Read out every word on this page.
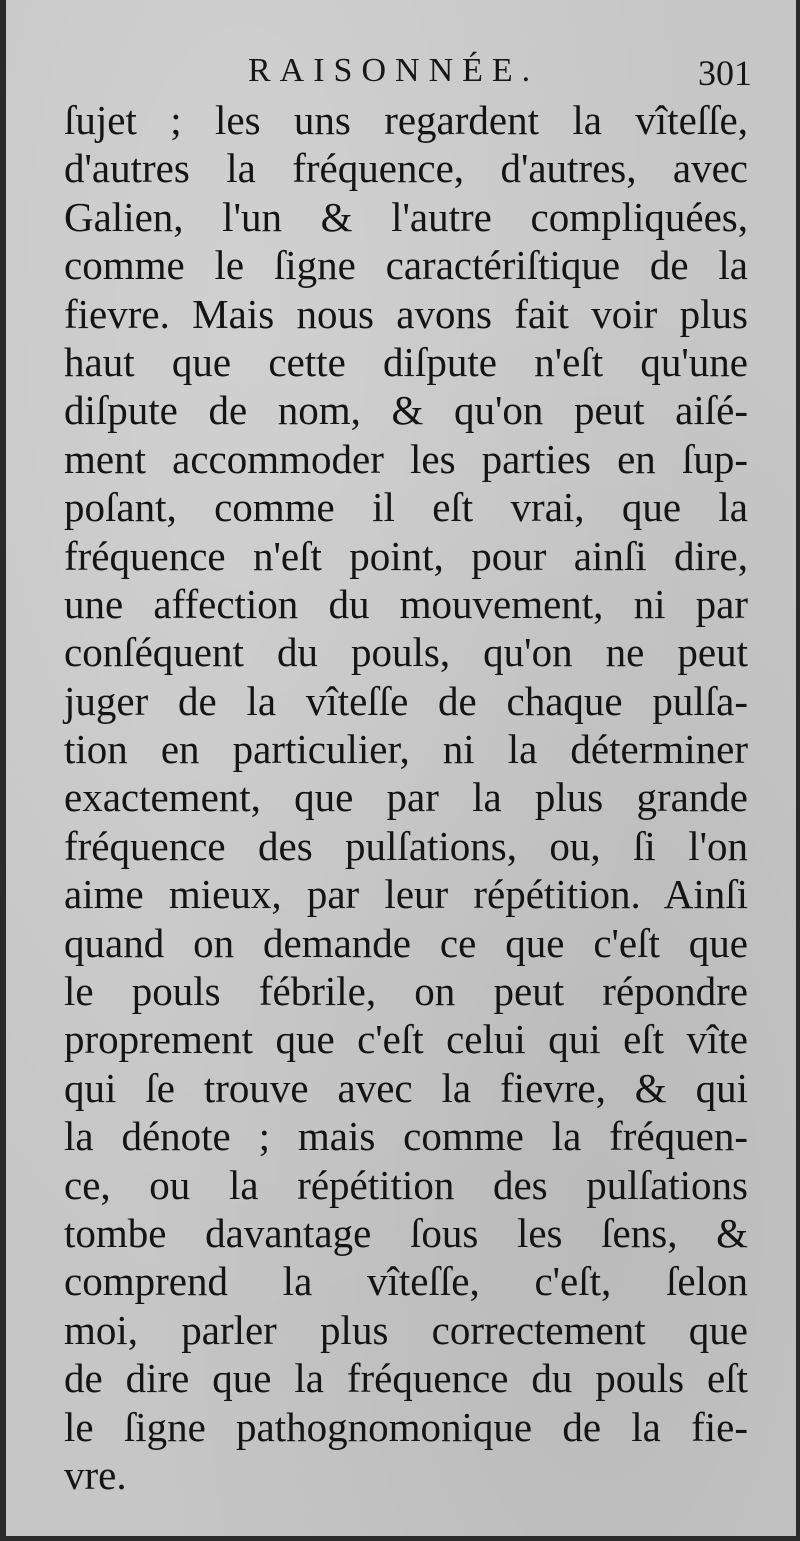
RAISONNÉE.	301
ſujet ; les uns regardent la vîteſſe,
d'autres la fréquence, d'autres, avec
Galien, l'un & l'autre compliquées,
comme le ſigne caractériſtique de la
fievre. Mais nous avons fait voir plus
haut que cette diſpute n'eſt qu'une
diſpute de nom, & qu'on peut aiſé-
ment accommoder les parties en ſup-
poſant, comme il eſt vrai, que la
fréquence n'eſt point, pour ainſi dire,
une affection du mouvement, ni par
conſéquent du pouls, qu'on ne peut
juger de la vîteſſe de chaque pulſa-
tion en particulier, ni la déterminer
exactement, que par la plus grande
fréquence des pulſations, ou, ſi l'on
aime mieux, par leur répétition. Ainſi
quand on demande ce que c'eſt que
le pouls fébrile, on peut répondre
proprement que c'eſt celui qui eſt vîte
qui ſe trouve avec la fievre, & qui
la dénote ; mais comme la fréquen-
ce, ou la répétition des pulſations
tombe davantage ſous les ſens, &
comprend la vîteſſe, c'eſt, ſelon
moi, parler plus correctement que
de dire que la fréquence du pouls eſt
le ſigne pathognomonique de la fie-
vre.
